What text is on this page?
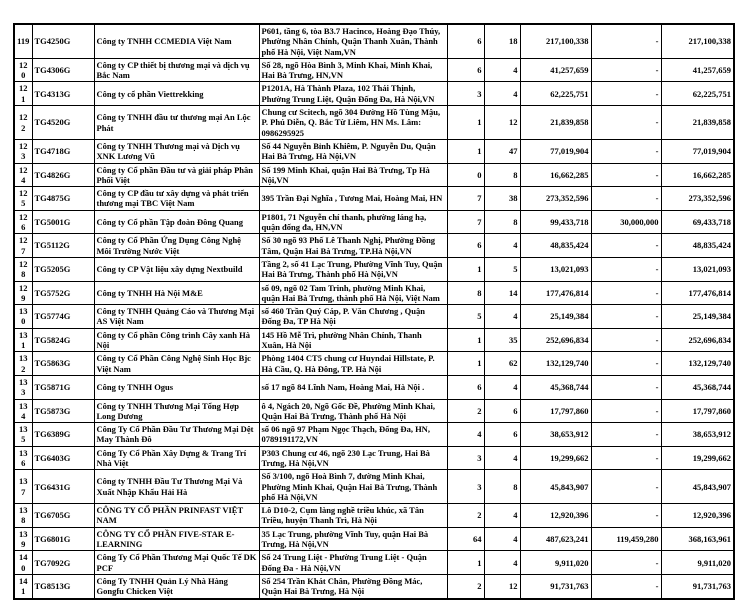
119	TG4250G	Công ty TNHH CCMEDIA Việt Nam	P601, tầng 6, tòa B3.7 Hacinco, Hoàng Đạo Thúy, Phường Nhân Chính, Quận Thanh Xuân, Thành phố Hà Nội, Việt Nam,VN	6	18	217,100,338	-	217,100,338
120	TG4306G	Công ty CP thiết bị thương mại và dịch vụ Bắc Nam	Số 28, ngõ Hòa Bình 3, Minh Khai, Minh Khai, Hai Bà Trưng, HN,VN	6	4	41,257,659	-	41,257,659
121	TG4313G	Công ty cổ phần Viettrekking	P1201A, Hà Thành Plaza, 102 Thái Thịnh, Phường Trung Liệt, Quận Đống Đa, Hà Nội,VN	3	4	62,225,751	-	62,225,751
122	TG4520G	Công ty TNHH đầu tư thương mại An Lộc Phát	Chung cư Scitech, ngõ 304 Đường Hồ Tùng Mậu, P. Phú Diễn, Q. Bắc Từ Liêm, HN Ms. Lâm: 0986295925	1	12	21,839,858	-	21,839,858
123	TG4718G	Công ty TNHH Thương mại và Dịch vụ XNK Lương Vũ	Số 44 Nguyễn Bỉnh Khiêm, P. Nguyễn Du, Quận Hai Bà Trưng, Hà Nội,VN	1	47	77,019,904	-	77,019,904
124	TG4826G	Công ty Cổ phần Đầu tư và giải pháp Phân Phối Việt	Số 199 Minh Khai, quận Hai Bà Trưng, Tp Hà Nội,VN	0	8	16,662,285	-	16,662,285
125	TG4875G	Công ty CP đầu tư xây dựng và phát triển thương mại TBC Việt Nam	395 Trần Đại Nghĩa , Tương Mai, Hoàng Mai, HN	7	38	273,352,596	-	273,352,596
126	TG5001G	Công ty Cổ phần Tập đoàn Đông Quang	P1801, 71 Nguyễn chí thanh, phường láng hạ, quận đống đa, HN,VN	7	8	99,433,718	30,000,000	69,433,718
127	TG5112G	Công ty Cổ Phần Ứng Dụng Công Nghệ Môi Trường Nước Việt	Số 30 ngõ 93 Phố Lê Thanh Nghị, Phường Đồng Tâm, Quận Hai Bà Trưng, TP.Hà Nội,VN	6	4	48,835,424	-	48,835,424
128	TG5205G	Công ty CP Vật liệu xây dựng Nextbuild	Tầng 2, số 41 Lạc Trung, Phường Vĩnh Tuy, Quận Hai Bà Trưng, Thành phố Hà Nội,VN	1	5	13,021,093	-	13,021,093
129	TG5752G	Công ty TNHH Hà Nội M&E	số 09, ngõ 02 Tam Trinh, phường Minh Khai, quận Hai Bà Trưng, thành phố Hà Nội, Việt Nam	8	14	177,476,814	-	177,476,814
130	TG5774G	Công ty TNHH Quảng Cáo và Thương Mại AS Việt Nam	số 460 Trần Quý Cáp, P. Văn Chương , Quận Đống Đa, TP Hà Nội	5	4	25,149,384	-	25,149,384
131	TG5824G	Công ty Cổ phần Công trình Cây xanh Hà Nội	145 Hồ Mễ Trì, phường Nhân Chính, Thanh Xuân, Hà Nội	1	35	252,696,834	-	252,696,834
132	TG5863G	Công ty Cổ Phần Công Nghệ Sinh Học Bjc Việt Nam	Phòng 1404 CT5 chung cư Huyndai Hillstate, P. Hà Cầu, Q. Hà Đông, TP. Hà Nội	1	62	132,129,740	-	132,129,740
133	TG5871G	Công ty TNHH Ogus	số 17 ngõ 84 Lĩnh Nam, Hoàng Mai, Hà Nội .	6	4	45,368,744	-	45,368,744
134	TG5873G	Công ty TNHH Thương Mại Tổng Hợp Long Dương	ô 4, Ngách 20, Ngõ Gốc Đề, Phường Minh Khai, Quận Hai Bà Trưng, Thành phố Hà Nội	2	6	17,797,860	-	17,797,860
135	TG6389G	Công Ty Cổ Phần Đầu Tư Thương Mại Dệt May Thành Đô	số 06 ngõ 97 Phạm Ngọc Thạch, Đống Đa, HN, 0789191172,VN	4	6	38,653,912	-	38,653,912
136	TG6403G	Công Ty Cổ Phần Xây Dựng & Trang Trí Nhà Việt	P303 Chung cư 46, ngõ 230 Lạc Trung, Hai Bà Trưng, Hà Nội,VN	3	4	19,299,662	-	19,299,662
137	TG6431G	Công ty TNHH Đầu Tư Thương Mại Và Xuất Nhập Khẩu Hải Hà	Số 3/100, ngõ Hoà Bình 7, đường Minh Khai, Phường Minh Khai, Quận Hai Bà Trưng, Thành phố Hà Nội,VN	3	8	45,843,907	-	45,843,907
138	TG6705G	CÔNG TY CỔ PHẦN PRINFAST VIỆT NAM	Lô D10-2, Cụm làng nghề triều khúc, xã Tân Triều, huyện Thanh Trì, Hà Nội	2	4	12,920,396	-	12,920,396
139	TG6801G	CÔNG TY CỔ PHẦN FIVE-STAR E-LEARNING	35 Lạc Trung, phường Vĩnh Tuy, quận Hai Bà Trưng, Hà Nội,VN	64	4	487,623,241	119,459,280	368,163,961
140	TG7092G	Công Ty Cổ Phần Thương Mại Quốc Tế DK PCF	Số 24 Trung Liệt - Phường Trung Liệt - Quận Đống Đa - Hà Nội,VN	1	4	9,911,020	-	9,911,020
141	TG8513G	Công Ty TNHH Quản Lý Nhà Hàng Gongfu Chicken Việt	Số 254 Trần Khát Chân, Phường Đồng Mác, Quận Hai Bà Trưng, Hà Nội	2	12	91,731,763	-	91,731,763
